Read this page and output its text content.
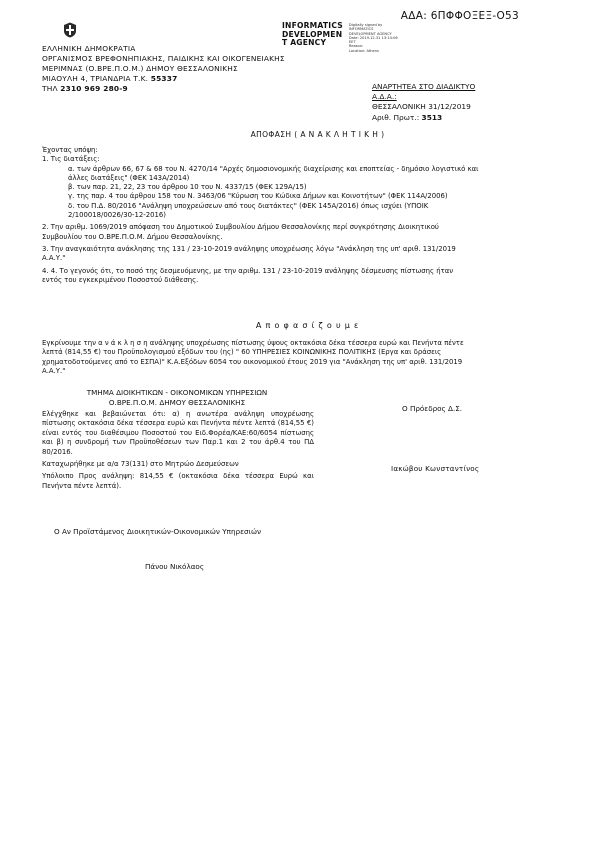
ΑΔΑ: 6ΠΦΦΟΞΕΞ-Ο53
INFORMATICS
DEVELOPMEN
T AGENCY
Digitally signed by
INFORMATICS
DEVELOPMENT AGENCY
Date: 2019.12.31 13:14:06
EET
Reason:
Location: Athens
ΕΛΛΗΝΙΚΗ ΔΗΜΟΚΡΑΤΙΑ
ΟΡΓΑΝΙΣΜΟΣ ΒΡΕΦΟΝΗΠΙΑΚΗΣ, ΠΑΙΔΙΚΗΣ ΚΑΙ ΟΙΚΟΓΕΝΕΙΑΚΗΣ
ΜΕΡΙΜΝΑΣ (Ο.ΒΡΕ.Π.Ο.Μ.) ΔΗΜΟΥ ΘΕΣΣΑΛΟΝΙΚΗΣ
ΜΙΑΟΥΛΗ 4, ΤΡΙΑΝΔΡΙΑ Τ.Κ. 55337
ΤΗΛ 2310 969 280-9	ΑΝΑΡΤΗΤΕΑ ΣΤΟ ΔΙΑΔΙΚΤΥΟ
Α.Δ.Α.:
ΘΕΣΣΑΛΟΝΙΚΗ 31/12/2019
Αριθ. Πρωτ.: 3513
ΑΠΟΦΑΣΗ ( Α Ν Α Κ Λ Η Τ Ι Κ Η )

Έχοντας υπόψη:

1. Τις διατάξεις:

α. των άρθρων 66, 67 & 68 του Ν. 4270/14 "Αρχές δημοσιονομικής διαχείρισης και εποπτείας - δημόσιο λογιστικό και

άλλες διατάξεις" (ΦΕΚ 143Α/2014)

β. των παρ. 21, 22, 23 του άρθρου 10 του Ν. 4337/15 (ΦΕΚ 129Α/15)

γ. της παρ. 4 του άρθρου 158 του Ν. 3463/06 "Κύρωση του Κώδικα Δήμων και Κοινοτήτων" (ΦΕΚ 114Α/2006)

δ. του Π.Δ. 80/2016 "Ανάληψη υποχρεώσεων από τους διατάκτες" (ΦΕΚ 145Α/2016) όπως ισχύει (ΥΠΟΙΚ

2/100018/0026/30-12-2016)

2. Την αριθμ. 1069/2019 απόφαση του Δημοτικού Συμβουλίου Δήμου Θεσσαλονίκης περί συγκρότησης Διοικητικού

Συμβουλίου του Ο.ΒΡΕ.Π.Ο.Μ. Δήμου Θεσσαλονίκης.

3. Την αναγκαιότητα ανάκλησης της 131 / 23-10-2019 ανάληψης υποχρέωσης λόγω "Ανάκληση της υπ' αριθ. 131/2019

Α.Α.Υ."

4. 4. Το γεγονός ότι, το ποσό της δεσμευόμενης, με την αριθμ. 131 / 23-10-2019 ανάληψης δέσμευσης πίστωσης ήταν

εντός του εγκεκριμένου Ποσοστού διάθεσης.

Α π ο φ α σ ί ζ ο υ μ ε
Εγκρίνουμε την α ν ά κ λ η σ η ανάληψης υποχρέωσης πίστωσης ύψους οκτακόσια δέκα τέσσερα ευρώ και Πενήντα πέντε
λεπτά (814,55 €) του Προϋπολογισμού εξόδων του (ης) " 60 ΥΠΗΡΕΣΙΕΣ ΚΟΙΝΩΝΙΚΗΣ ΠΟΛΙΤΙΚΗΣ (Εργα και δράσεις
χρηματοδοτούμενες από το ΕΣΠΑ)" Κ.Α.Εξόδων 6054 του οικονομικού έτους 2019 για "Ανάκληση της υπ' αριθ. 131/2019
Α.Α.Υ."
ΤΜΗΜΑ ΔΙΟΙΚΗΤΙΚΩΝ - ΟΙΚΟΝΟΜΙΚΩΝ ΥΠΗΡΕΣΙΩΝ
Ο.ΒΡΕ.Π.Ο.Μ. ΔΗΜΟΥ ΘΕΣΣΑΛΟΝΙΚΗΣ

Ελέγχθηκε και βεβαιώνεται ότι: α) η ανωτέρα ανάληψη υποχρέωσης πίστωσης οκτακόσια δέκα τέσσερα ευρώ και Πενήντα πέντε λεπτά (814,55 €) είναι εντός του διαθέσιμου Ποσοστού του Ειδ.Φορέα/ΚΑΕ:60/6054 πίστωσης και β) η συνδρομή των Προϋποθέσεων των Παρ.1 και 2 του άρθ.4 του ΠΔ 80/2016.

Καταχωρήθηκε με α/α 73(131) στο Μητρώο Δεσμεύσεων

Υπόλοιπο Προς ανάληψη: 814,55 € (οκτακόσια δέκα τέσσερα Ευρώ και Πενήντα πέντε λεπτά).

Ο Πρόεδρος Δ.Σ.
Ιακώβου Κωνσταντίνος
Ο Αν Προϊστάμενος Διοικητικών-Οικονομικών Υπηρεσιών
Πάνου Νικόλαος
